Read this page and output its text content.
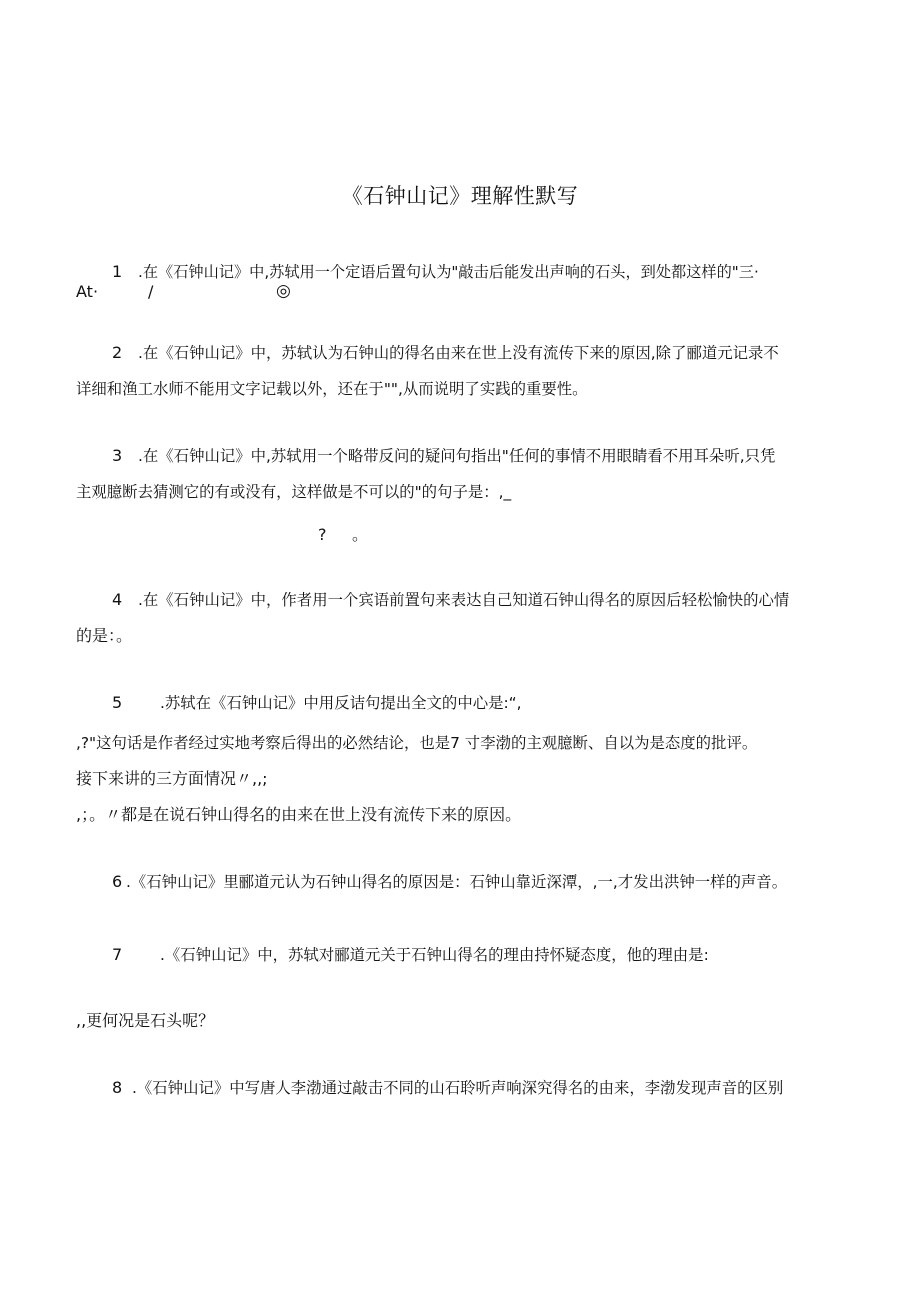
《石钟山记》理解性默写
1 .在《石钟山记》中,苏轼用一个定语后置句认为"敲击后能发出声响的石头，到处都这样的"三·
At·	/	◎
2 .在《石钟山记》中，苏轼认为石钟山的得名由来在世上没有流传下来的原因,除了郦道元记录不
详细和渔工水师不能用文字记载以外，还在于"",从而说明了实践的重要性。
3 .在《石钟山记》中,苏轼用一个略带反问的疑问句指出"任何的事情不用眼睛看不用耳朵听,只凭
主观臆断去猜测它的有或没有，这样做是不可以的"的句子是：,_
? 。
4 .在《石钟山记》中，作者用一个宾语前置句来表达自己知道石钟山得名的原因后轻松愉快的心情
的是：。
5 .苏轼在《石钟山记》中用反诘句提出全文的中心是:“,
,?"这句话是作者经过实地考察后得出的必然结论，也是7 寸李渤的主观臆断、自以为是态度的批评。
接下来讲的三方面情况〃,,;
,；。〃都是在说石钟山得名的由来在世上没有流传下来的原因。
6 .《石钟山记》里郦道元认为石钟山得名的原因是：石钟山靠近深潭，,一,才发出洪钟一样的声音。
7 .《石钟山记》中，苏轼对郦道元关于石钟山得名的理由持怀疑态度，他的理由是:
,,更何况是石头呢？
8 .《石钟山记》中写唐人李渤通过敲击不同的山石聆听声响深究得名的由来，李渤发现声音的区别
